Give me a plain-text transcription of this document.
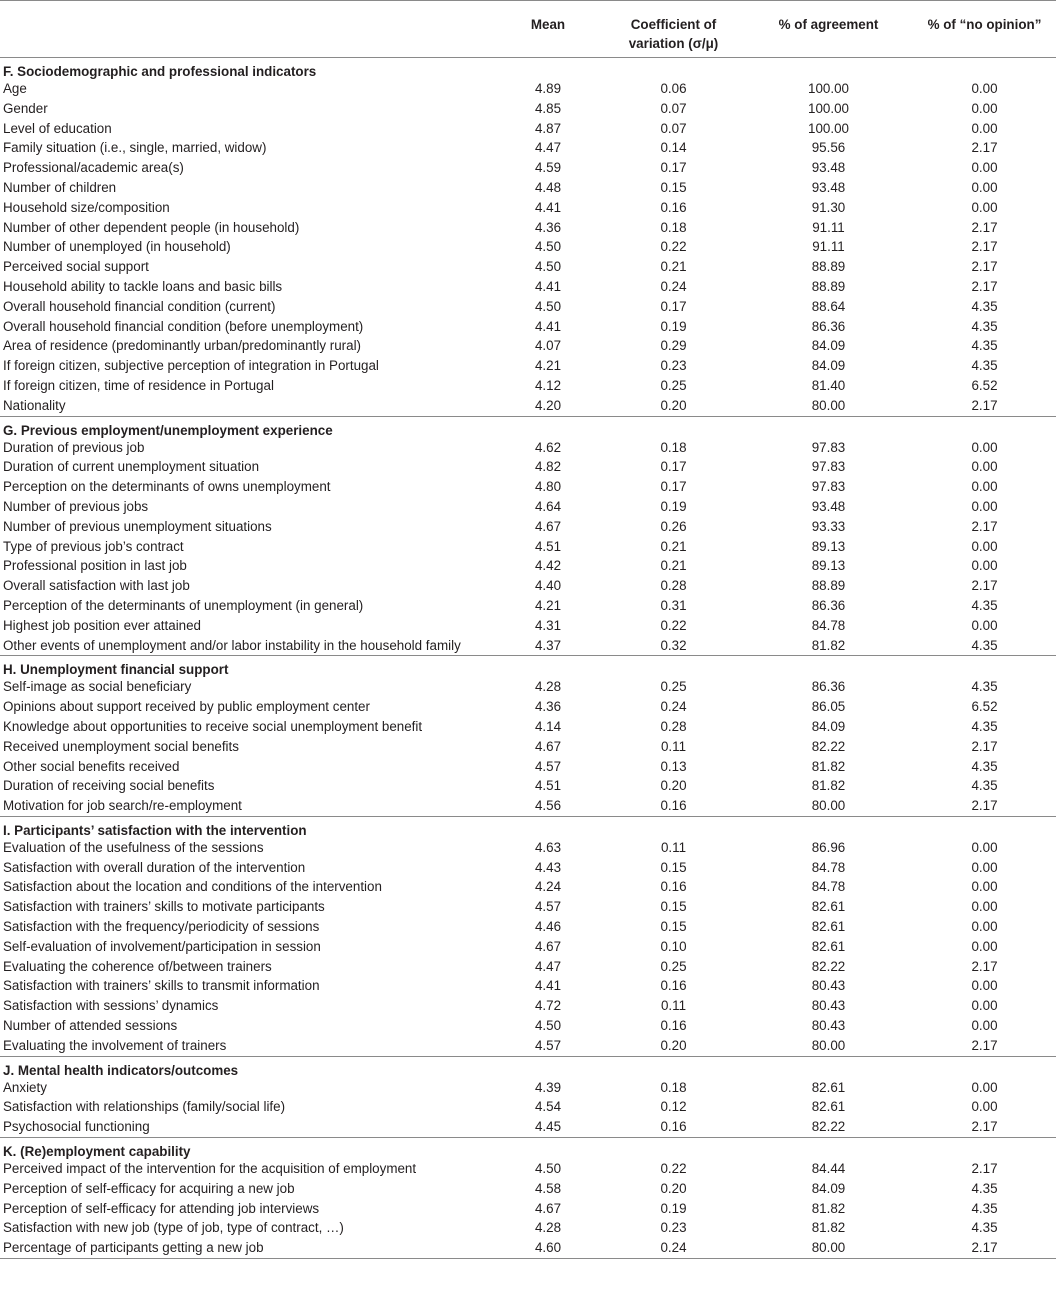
	Mean	Coefficient of variation (σ/μ)	% of agreement	% of “no opinion”
F. Sociodemographic and professional indicators				
Age	4.89	0.06	100.00	0.00
Gender	4.85	0.07	100.00	0.00
Level of education	4.87	0.07	100.00	0.00
Family situation (i.e., single, married, widow)	4.47	0.14	95.56	2.17
Professional/academic area(s)	4.59	0.17	93.48	0.00
Number of children	4.48	0.15	93.48	0.00
Household size/composition	4.41	0.16	91.30	0.00
Number of other dependent people (in household)	4.36	0.18	91.11	2.17
Number of unemployed (in household)	4.50	0.22	91.11	2.17
Perceived social support	4.50	0.21	88.89	2.17
Household ability to tackle loans and basic bills	4.41	0.24	88.89	2.17
Overall household financial condition (current)	4.50	0.17	88.64	4.35
Overall household financial condition (before unemployment)	4.41	0.19	86.36	4.35
Area of residence (predominantly urban/predominantly rural)	4.07	0.29	84.09	4.35
If foreign citizen, subjective perception of integration in Portugal	4.21	0.23	84.09	4.35
If foreign citizen, time of residence in Portugal	4.12	0.25	81.40	6.52
Nationality	4.20	0.20	80.00	2.17
G. Previous employment/unemployment experience				
Duration of previous job	4.62	0.18	97.83	0.00
Duration of current unemployment situation	4.82	0.17	97.83	0.00
Perception on the determinants of owns unemployment	4.80	0.17	97.83	0.00
Number of previous jobs	4.64	0.19	93.48	0.00
Number of previous unemployment situations	4.67	0.26	93.33	2.17
Type of previous job’s contract	4.51	0.21	89.13	0.00
Professional position in last job	4.42	0.21	89.13	0.00
Overall satisfaction with last job	4.40	0.28	88.89	2.17
Perception of the determinants of unemployment (in general)	4.21	0.31	86.36	4.35
Highest job position ever attained	4.31	0.22	84.78	0.00
Other events of unemployment and/or labor instability in the household family	4.37	0.32	81.82	4.35
H. Unemployment financial support				
Self-image as social beneficiary	4.28	0.25	86.36	4.35
Opinions about support received by public employment center	4.36	0.24	86.05	6.52
Knowledge about opportunities to receive social unemployment benefit	4.14	0.28	84.09	4.35
Received unemployment social benefits	4.67	0.11	82.22	2.17
Other social benefits received	4.57	0.13	81.82	4.35
Duration of receiving social benefits	4.51	0.20	81.82	4.35
Motivation for job search/re-employment	4.56	0.16	80.00	2.17
I. Participants’ satisfaction with the intervention				
Evaluation of the usefulness of the sessions	4.63	0.11	86.96	0.00
Satisfaction with overall duration of the intervention	4.43	0.15	84.78	0.00
Satisfaction about the location and conditions of the intervention	4.24	0.16	84.78	0.00
Satisfaction with trainers’ skills to motivate participants	4.57	0.15	82.61	0.00
Satisfaction with the frequency/periodicity of sessions	4.46	0.15	82.61	0.00
Self-evaluation of involvement/participation in session	4.67	0.10	82.61	0.00
Evaluating the coherence of/between trainers	4.47	0.25	82.22	2.17
Satisfaction with trainers’ skills to transmit information	4.41	0.16	80.43	0.00
Satisfaction with sessions’ dynamics	4.72	0.11	80.43	0.00
Number of attended sessions	4.50	0.16	80.43	0.00
Evaluating the involvement of trainers	4.57	0.20	80.00	2.17
J. Mental health indicators/outcomes				
Anxiety	4.39	0.18	82.61	0.00
Satisfaction with relationships (family/social life)	4.54	0.12	82.61	0.00
Psychosocial functioning	4.45	0.16	82.22	2.17
K. (Re)employment capability				
Perceived impact of the intervention for the acquisition of employment	4.50	0.22	84.44	2.17
Perception of self-efficacy for acquiring a new job	4.58	0.20	84.09	4.35
Perception of self-efficacy for attending job interviews	4.67	0.19	81.82	4.35
Satisfaction with new job (type of job, type of contract, …)	4.28	0.23	81.82	4.35
Percentage of participants getting a new job	4.60	0.24	80.00	2.17
